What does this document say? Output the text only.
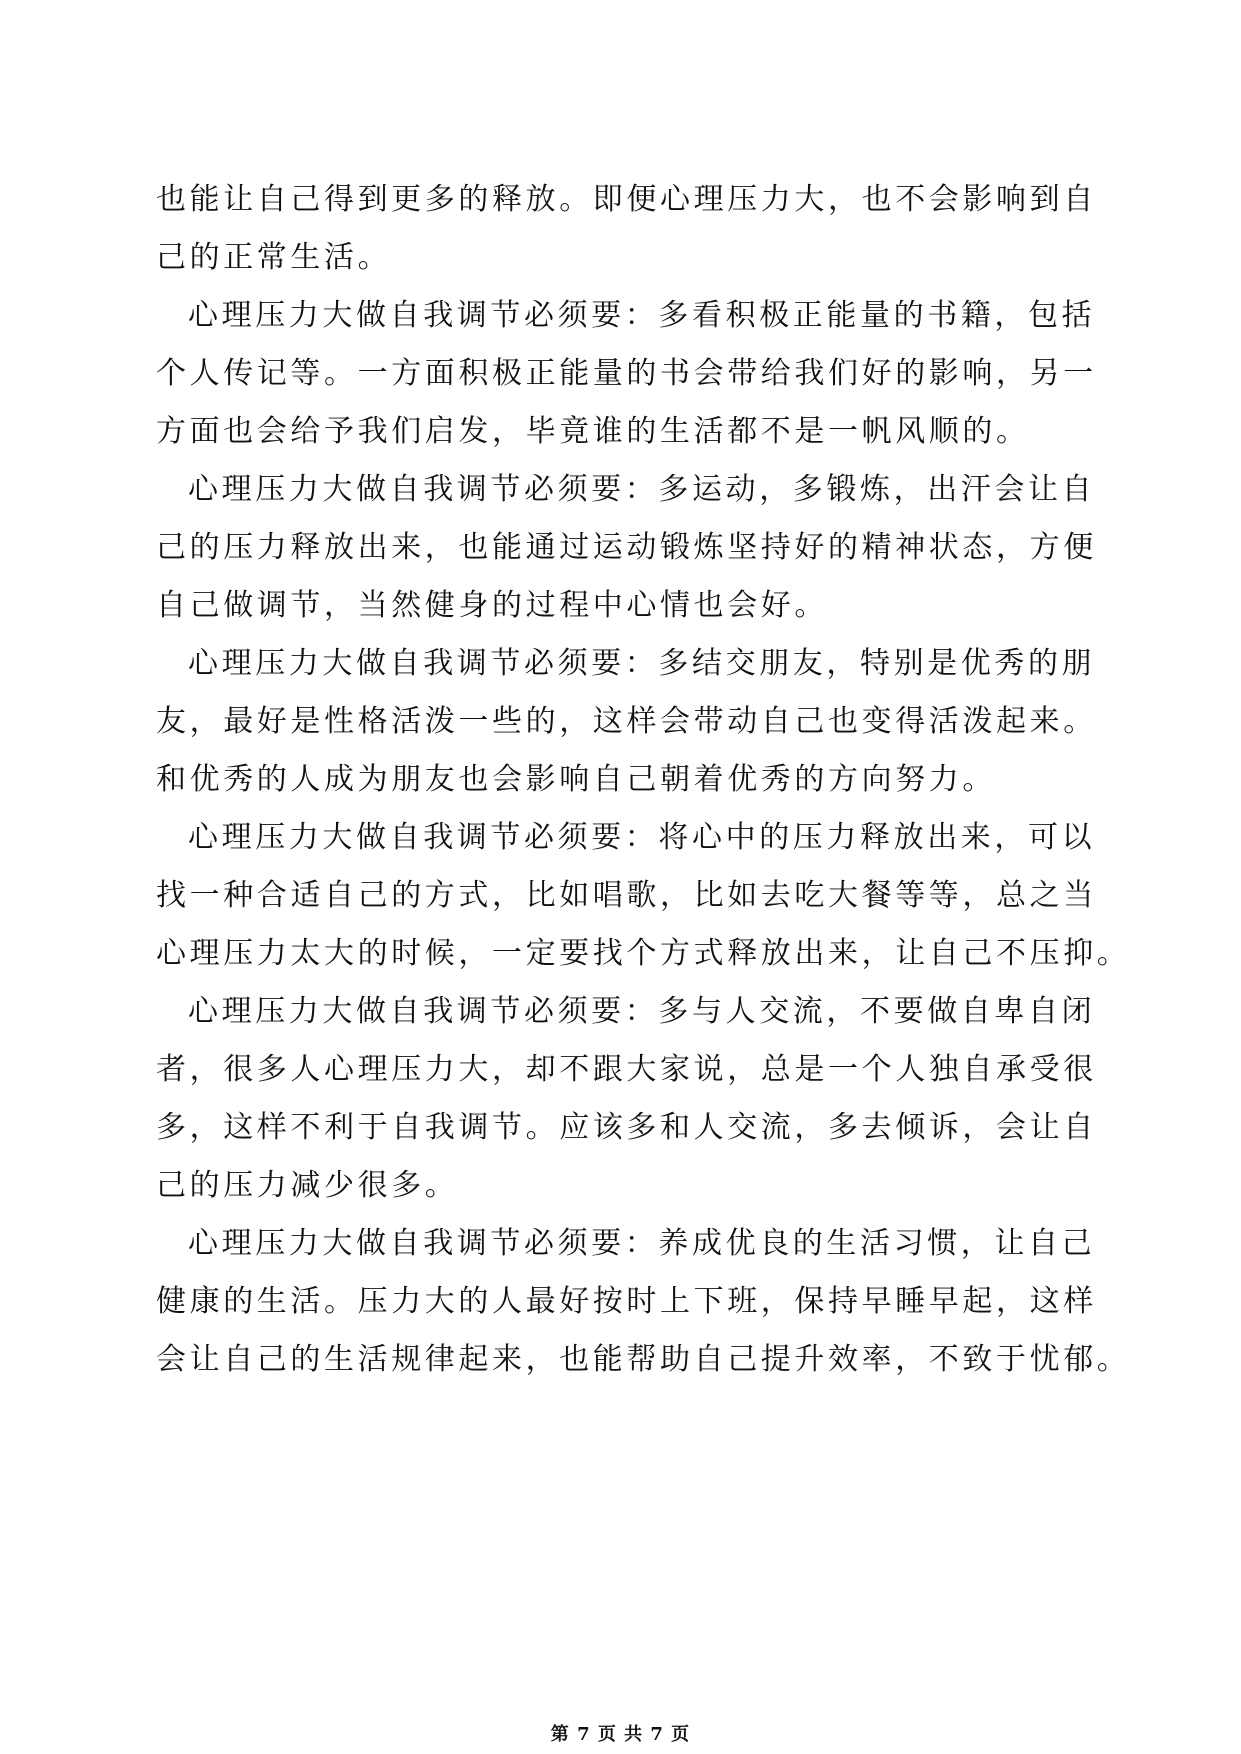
也能让自己得到更多的释放。即便心理压力大，也不会影响到自
己的正常生活。
心理压力大做自我调节必须要：多看积极正能量的书籍，包括
个人传记等。一方面积极正能量的书会带给我们好的影响，另一
方面也会给予我们启发，毕竟谁的生活都不是一帆风顺的。
心理压力大做自我调节必须要：多运动，多锻炼，出汗会让自
己的压力释放出来，也能通过运动锻炼坚持好的精神状态，方便
自己做调节，当然健身的过程中心情也会好。
心理压力大做自我调节必须要：多结交朋友，特别是优秀的朋
友，最好是性格活泼一些的，这样会带动自己也变得活泼起来。
和优秀的人成为朋友也会影响自己朝着优秀的方向努力。
心理压力大做自我调节必须要：将心中的压力释放出来，可以
找一种合适自己的方式，比如唱歌，比如去吃大餐等等，总之当
心理压力太大的时候，一定要找个方式释放出来，让自己不压抑。
心理压力大做自我调节必须要：多与人交流，不要做自卑自闭
者，很多人心理压力大，却不跟大家说，总是一个人独自承受很
多，这样不利于自我调节。应该多和人交流，多去倾诉，会让自
己的压力减少很多。
心理压力大做自我调节必须要：养成优良的生活习惯，让自己
健康的生活。压力大的人最好按时上下班，保持早睡早起，这样
会让自己的生活规律起来，也能帮助自己提升效率，不致于忧郁。
第 7 页 共 7 页
